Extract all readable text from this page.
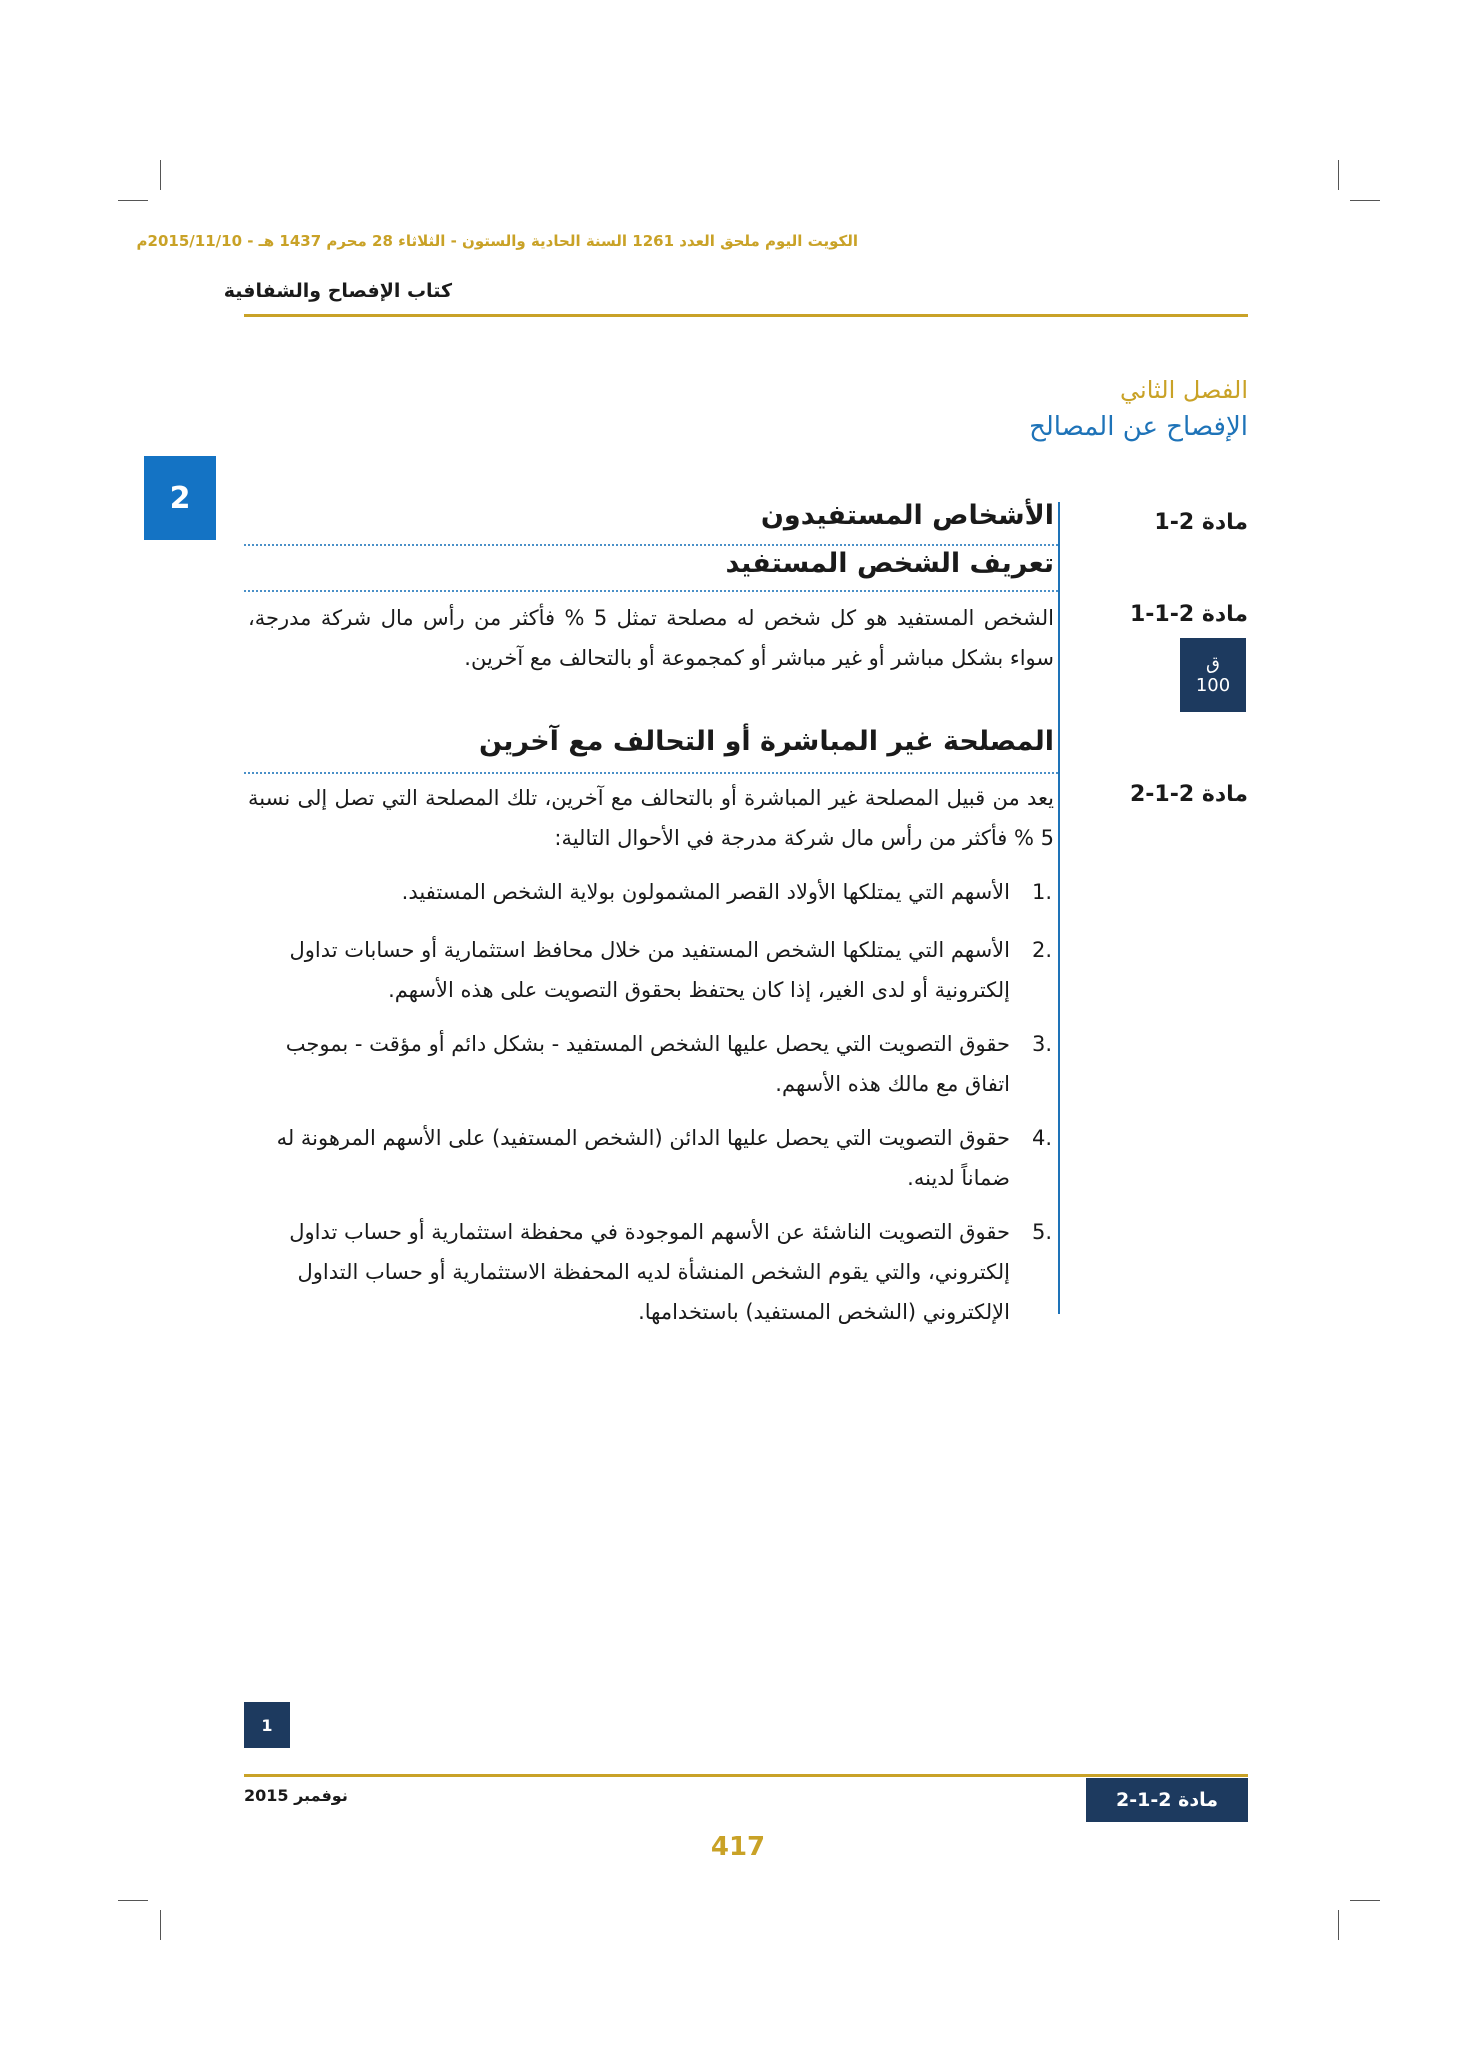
الكويت اليوم ملحق العدد 1261 السنة الحادية والستون - الثلاثاء 28 محرم 1437 هـ - 2015/11/10م
كتاب الإفصاح والشفافية
الفصل الثاني
الإفصاح عن المصالح
2
مادة 2-1
الأشخاص المستفيدون
تعريف الشخص المستفيد
مادة 2-1-1
الشخص المستفيد هو كل شخص له مصلحة تمثل 5 % فأكثر من رأس مال شركة مدرجة، سواء بشكل مباشر أو غير مباشر أو كمجموعة أو بالتحالف مع آخرين.	ق
100
المصلحة غير المباشرة أو التحالف مع آخرين
مادة 2-1-2
يعد من قبيل المصلحة غير المباشرة أو بالتحالف مع آخرين، تلك المصلحة التي تصل إلى نسبة 5 % فأكثر من رأس مال شركة مدرجة في الأحوال التالية:
1.
الأسهم التي يمتلكها الأولاد القصر المشمولون بولاية الشخص المستفيد.
2.
الأسهم التي يمتلكها الشخص المستفيد من خلال محافظ استثمارية أو حسابات تداول إلكترونية أو لدى الغير، إذا كان يحتفظ بحقوق التصويت على هذه الأسهم.
3.
حقوق التصويت التي يحصل عليها الشخص المستفيد - بشكل دائم أو مؤقت - بموجب اتفاق مع مالك هذه الأسهم.
4.
حقوق التصويت التي يحصل عليها الدائن (الشخص المستفيد) على الأسهم المرهونة له ضماناً لدينه.
5.
حقوق التصويت الناشئة عن الأسهم الموجودة في محفظة استثمارية أو حساب تداول إلكتروني، والتي يقوم الشخص المنشأة لديه المحفظة الاستثمارية أو حساب التداول الإلكتروني (الشخص المستفيد) باستخدامها.
1
نوفمبر 2015	مادة 2-1-2
417
